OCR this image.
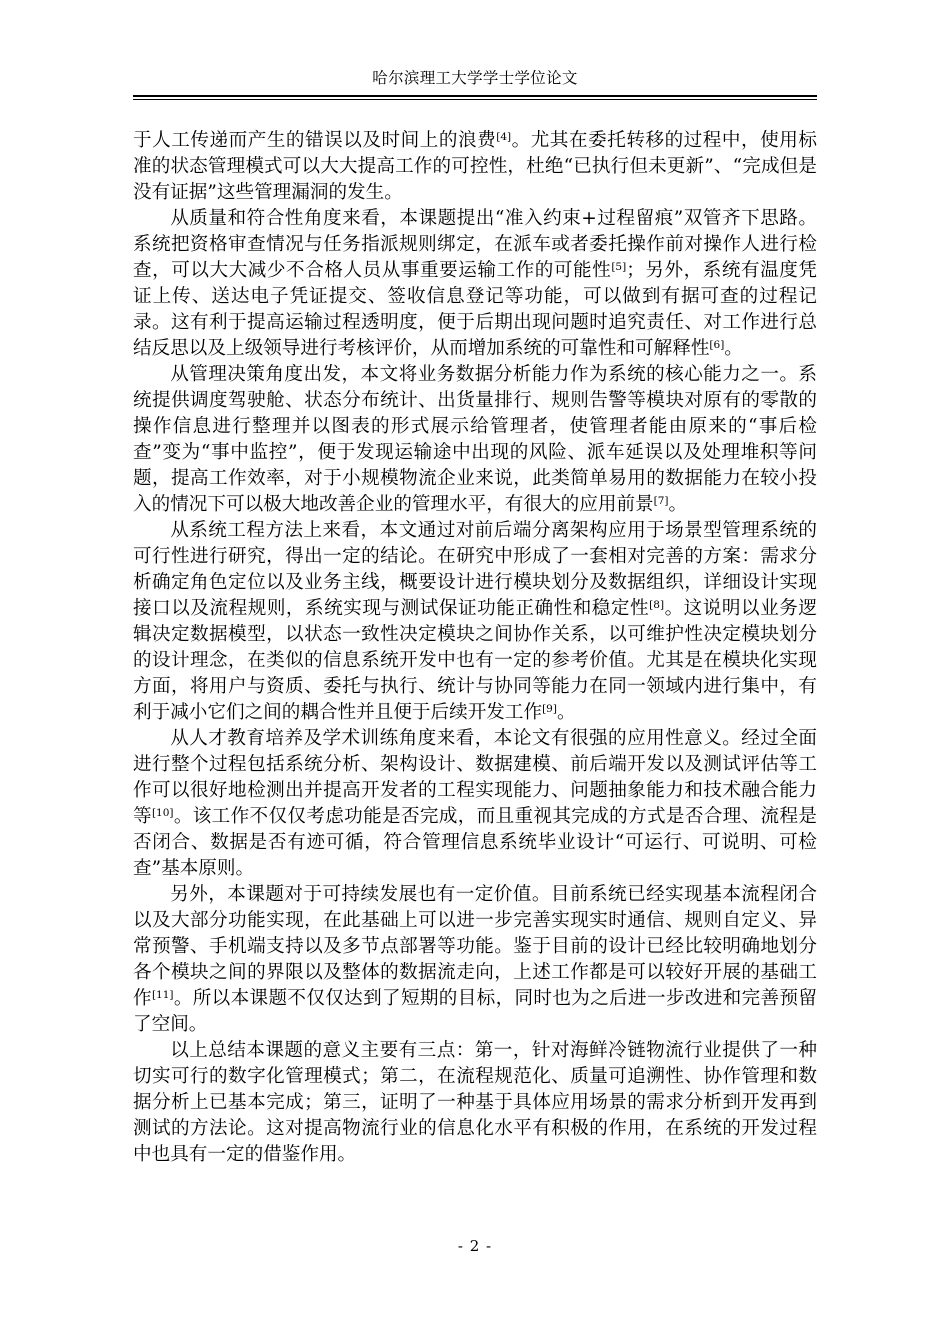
哈尔滨理工大学学士学位论文

于人工传递而产生的错误以及时间上的浪费[4]。尤其在委托转移的过程中，使用标准的状态管理模式可以大大提高工作的可控性，杜绝“已执行但未更新”、“完成但是没有证据”这些管理漏洞的发生。

从质量和符合性角度来看，本课题提出“准入约束+过程留痕”双管齐下思路。系统把资格审查情况与任务指派规则绑定，在派车或者委托操作前对操作人进行检查，可以大大减少不合格人员从事重要运输工作的可能性[5]；另外，系统有温度凭证上传、送达电子凭证提交、签收信息登记等功能，可以做到有据可查的过程记录。这有利于提高运输过程透明度，便于后期出现问题时追究责任、对工作进行总结反思以及上级领导进行考核评价，从而增加系统的可靠性和可解释性[6]。

从管理决策角度出发，本文将业务数据分析能力作为系统的核心能力之一。系统提供调度驾驶舱、状态分布统计、出货量排行、规则告警等模块对原有的零散的操作信息进行整理并以图表的形式展示给管理者，使管理者能由原来的“事后检查”变为“事中监控”，便于发现运输途中出现的风险、派车延误以及处理堆积等问题，提高工作效率，对于小规模物流企业来说，此类简单易用的数据能力在较小投入的情况下可以极大地改善企业的管理水平，有很大的应用前景[7]。

从系统工程方法上来看，本文通过对前后端分离架构应用于场景型管理系统的可行性进行研究，得出一定的结论。在研究中形成了一套相对完善的方案：需求分析确定角色定位以及业务主线，概要设计进行模块划分及数据组织，详细设计实现接口以及流程规则，系统实现与测试保证功能正确性和稳定性[8]。这说明以业务逻辑决定数据模型，以状态一致性决定模块之间协作关系，以可维护性决定模块划分的设计理念，在类似的信息系统开发中也有一定的参考价值。尤其是在模块化实现方面，将用户与资质、委托与执行、统计与协同等能力在同一领域内进行集中，有利于减小它们之间的耦合性并且便于后续开发工作[9]。

从人才教育培养及学术训练角度来看，本论文有很强的应用性意义。经过全面进行整个过程包括系统分析、架构设计、数据建模、前后端开发以及测试评估等工作可以很好地检测出并提高开发者的工程实现能力、问题抽象能力和技术融合能力等[10]。该工作不仅仅考虑功能是否完成，而且重视其完成的方式是否合理、流程是否闭合、数据是否有迹可循，符合管理信息系统毕业设计“可运行、可说明、可检查”基本原则。

另外，本课题对于可持续发展也有一定价值。目前系统已经实现基本流程闭合以及大部分功能实现，在此基础上可以进一步完善实现实时通信、规则自定义、异常预警、手机端支持以及多节点部署等功能。鉴于目前的设计已经比较明确地划分各个模块之间的界限以及整体的数据流走向，上述工作都是可以较好开展的基础工作[11]。所以本课题不仅仅达到了短期的目标，同时也为之后进一步改进和完善预留了空间。

以上总结本课题的意义主要有三点：第一，针对海鲜冷链物流行业提供了一种切实可行的数字化管理模式；第二，在流程规范化、质量可追溯性、协作管理和数据分析上已基本完成；第三，证明了一种基于具体应用场景的需求分析到开发再到测试的方法论。这对提高物流行业的信息化水平有积极的作用，在系统的开发过程中也具有一定的借鉴作用。

- 2 -
